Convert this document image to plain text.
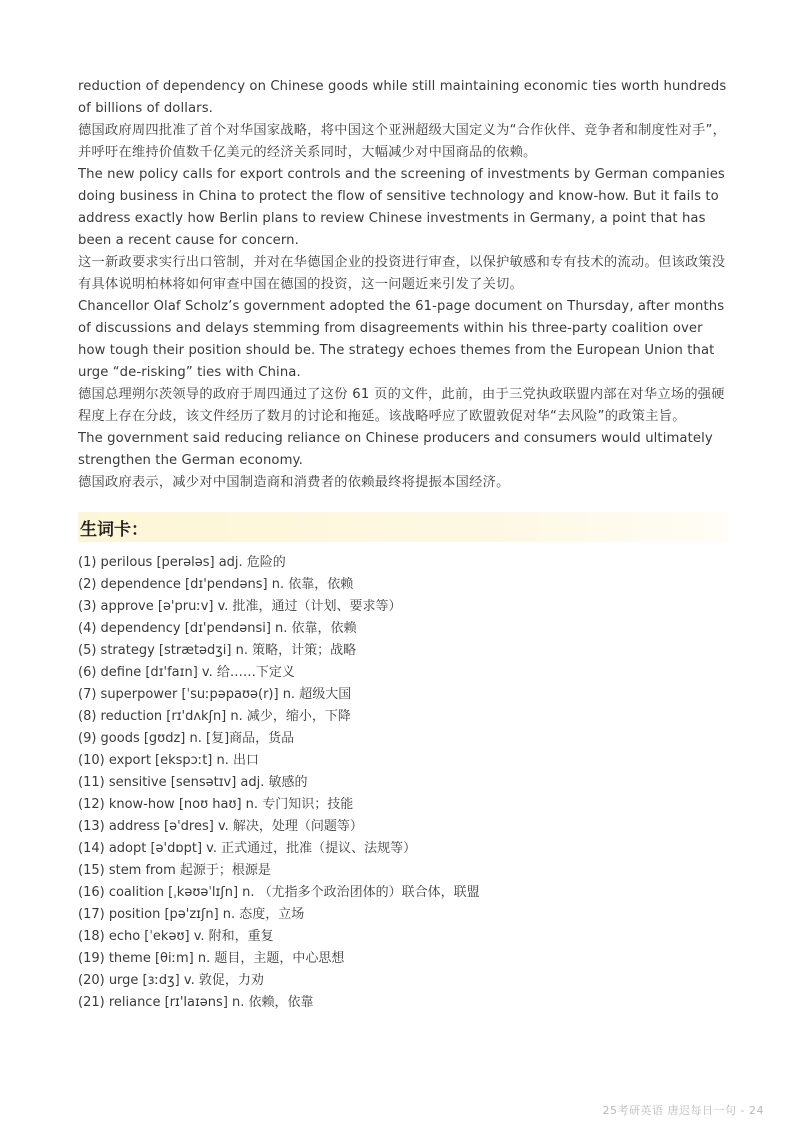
reduction of dependency on Chinese goods while still maintaining economic ties worth hundreds of billions of dollars.

德国政府周四批准了首个对华国家战略，将中国这个亚洲超级大国定义为“合作伙伴、竞争者和制度性对手”，并呼吁在维持价值数千亿美元的经济关系同时，大幅减少对中国商品的依赖。

The new policy calls for export controls and the screening of investments by German companies doing business in China to protect the flow of sensitive technology and know-how. But it fails to address exactly how Berlin plans to review Chinese investments in Germany, a point that has been a recent cause for concern.

这一新政要求实行出口管制，并对在华德国企业的投资进行审查，以保护敏感和专有技术的流动。但该政策没有具体说明柏林将如何审查中国在德国的投资，这一问题近来引发了关切。

Chancellor Olaf Scholz’s government adopted the 61-page document on Thursday, after months of discussions and delays stemming from disagreements within his three-party coalition over how tough their position should be. The strategy echoes themes from the European Union that urge “de-risking” ties with China.

德国总理朔尔茨领导的政府于周四通过了这份 61 页的文件，此前，由于三党执政联盟内部在对华立场的强硬程度上存在分歧，该文件经历了数月的讨论和拖延。该战略呼应了欧盟敦促对华“去风险”的政策主旨。

The government said reducing reliance on Chinese producers and consumers would ultimately strengthen the German economy.

德国政府表示，减少对中国制造商和消费者的依赖最终将提振本国经济。

生词卡：
(1) perilous [perələs] adj. 危险的
(2) dependence [dɪ'pendəns] n. 依靠，依赖
(3) approve [ə'pruːv] v. 批准，通过（计划、要求等）
(4) dependency [dɪ'pendənsi] n. 依靠，依赖
(5) strategy [strætədʒi] n. 策略，计策；战略
(6) define [dɪ'faɪn] v. 给……下定义
(7) superpower [ˈsuːpəpaʊə(r)] n. 超级大国
(8) reduction [rɪ'dʌkʃn] n. 减少，缩小，下降
(9) goods [gʊdz] n. [复]商品，货品
(10) export [ekspɔːt] n. 出口
(11) sensitive [sensətɪv] adj. 敏感的
(12) know-how [noʊ haʊ] n. 专门知识；技能
(13) address [ə'dres] v. 解决，处理（问题等）
(14) adopt [ə'dɒpt] v. 正式通过，批准（提议、法规等）
(15) stem from 起源于；根源是
(16) coalition [ˌkəʊəˈlɪʃn] n. （尤指多个政治团体的）联合体，联盟
(17) position [pə'zɪʃn] n. 态度，立场
(18) echo [ˈekəʊ] v. 附和，重复
(19) theme [θiːm] n. 题目，主题，中心思想
(20) urge [ɜːdʒ] v. 敦促，力劝
(21) reliance [rɪ'laɪəns] n. 依赖，依靠
25考研英语 唐迟每日一句 - 24
